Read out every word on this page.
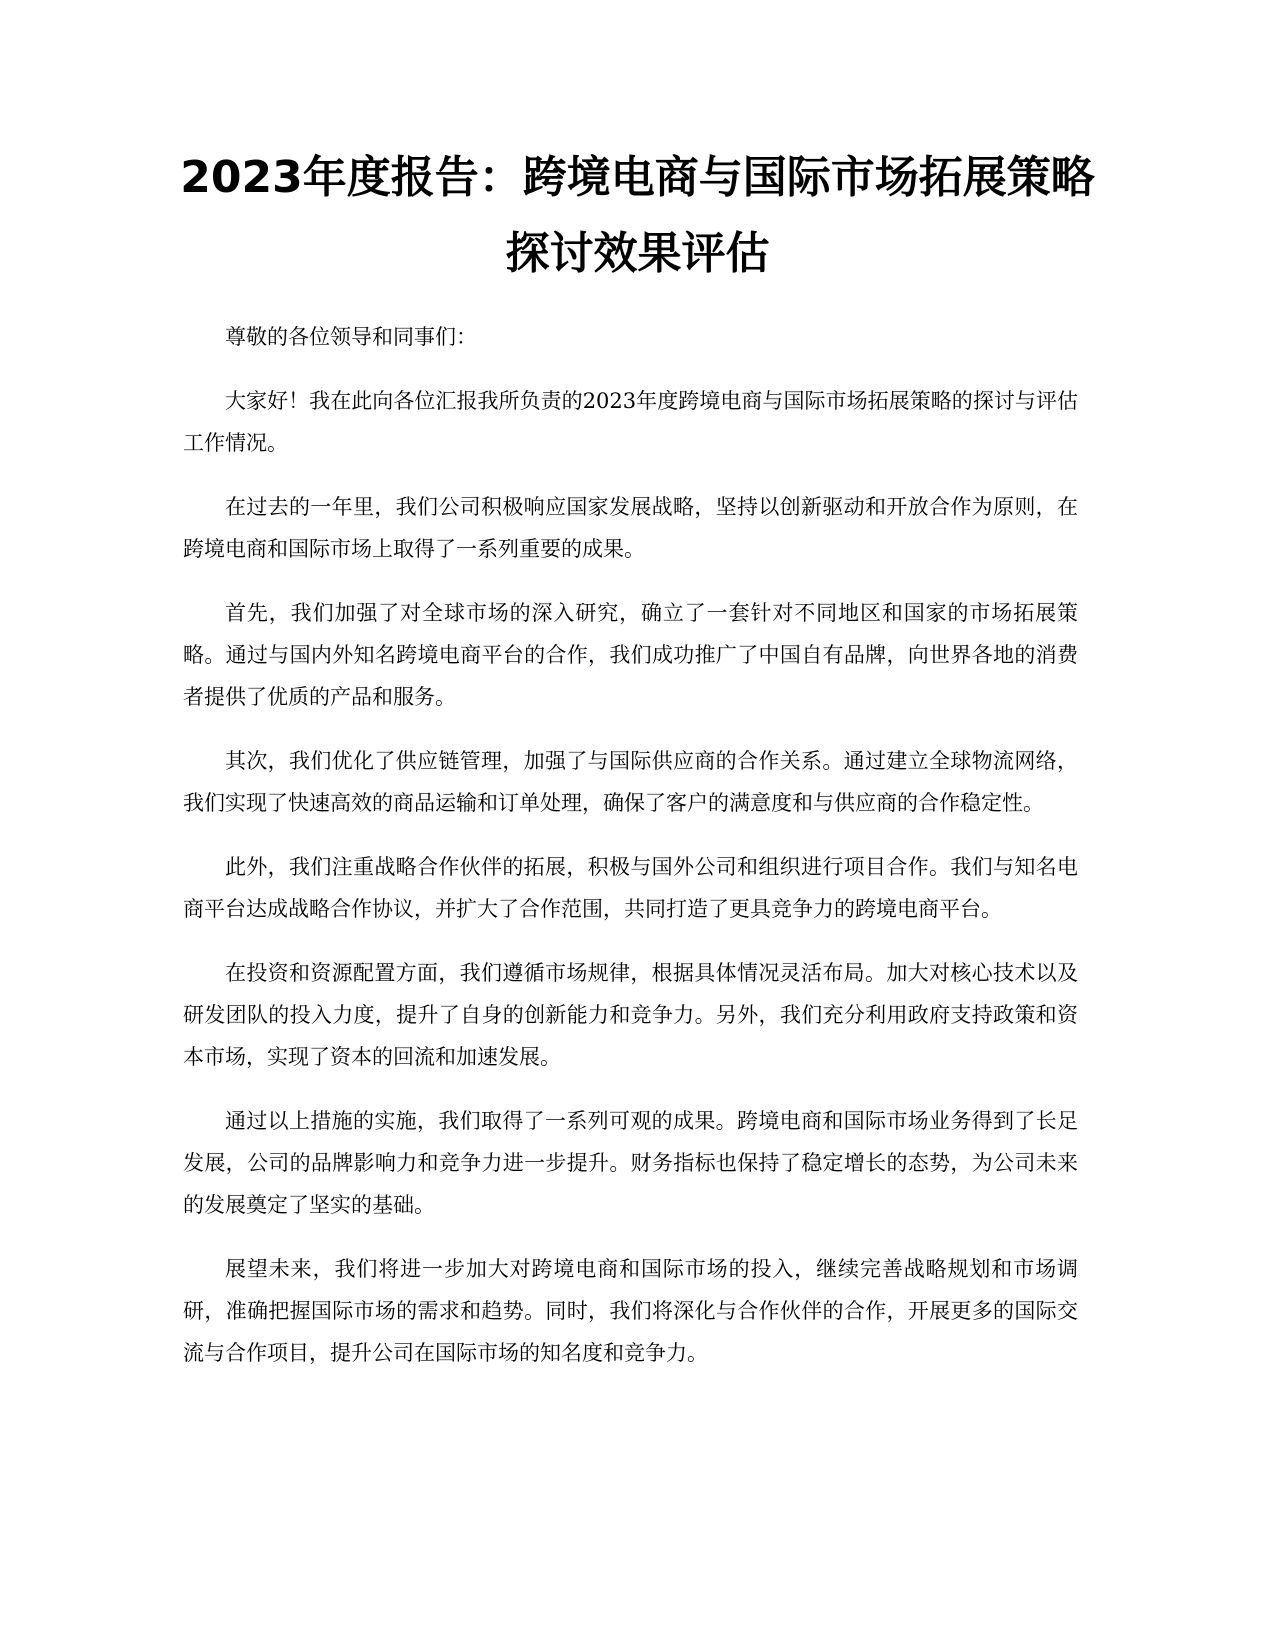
2023年度报告：跨境电商与国际市场拓展策略探讨效果评估

尊敬的各位领导和同事们：

大家好！我在此向各位汇报我所负责的2023年度跨境电商与国际市场拓展策略的探讨与评估工作情况。

在过去的一年里，我们公司积极响应国家发展战略，坚持以创新驱动和开放合作为原则，在跨境电商和国际市场上取得了一系列重要的成果。

首先，我们加强了对全球市场的深入研究，确立了一套针对不同地区和国家的市场拓展策略。通过与国内外知名跨境电商平台的合作，我们成功推广了中国自有品牌，向世界各地的消费者提供了优质的产品和服务。

其次，我们优化了供应链管理，加强了与国际供应商的合作关系。通过建立全球物流网络，我们实现了快速高效的商品运输和订单处理，确保了客户的满意度和与供应商的合作稳定性。

此外，我们注重战略合作伙伴的拓展，积极与国外公司和组织进行项目合作。我们与知名电商平台达成战略合作协议，并扩大了合作范围，共同打造了更具竞争力的跨境电商平台。

在投资和资源配置方面，我们遵循市场规律，根据具体情况灵活布局。加大对核心技术以及研发团队的投入力度，提升了自身的创新能力和竞争力。另外，我们充分利用政府支持政策和资本市场，实现了资本的回流和加速发展。

通过以上措施的实施，我们取得了一系列可观的成果。跨境电商和国际市场业务得到了长足发展，公司的品牌影响力和竞争力进一步提升。财务指标也保持了稳定增长的态势，为公司未来的发展奠定了坚实的基础。

展望未来，我们将进一步加大对跨境电商和国际市场的投入，继续完善战略规划和市场调研，准确把握国际市场的需求和趋势。同时，我们将深化与合作伙伴的合作，开展更多的国际交流与合作项目，提升公司在国际市场的知名度和竞争力。
